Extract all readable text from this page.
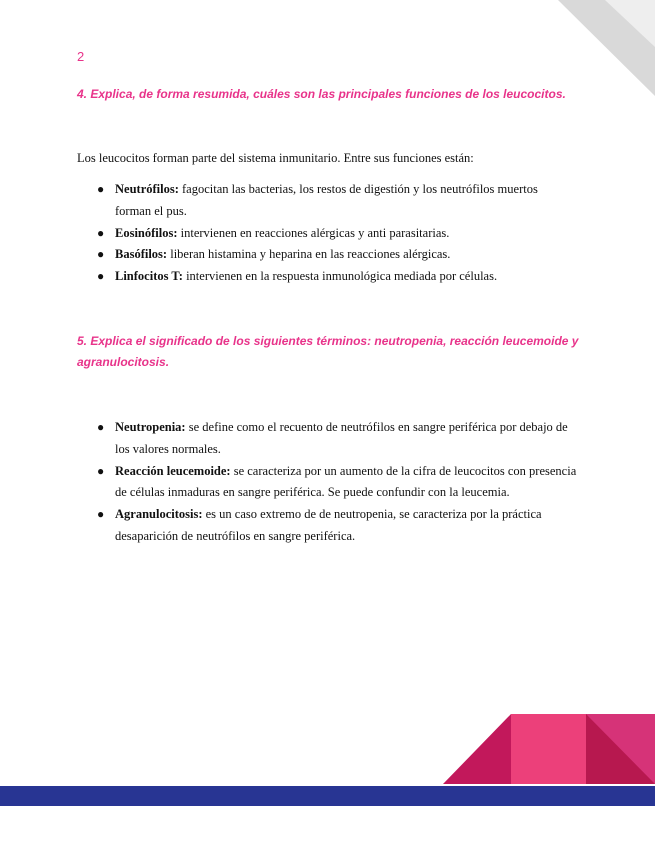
2
4. Explica, de forma resumida, cuáles son las principales funciones de los leucocitos.
Los leucocitos forman parte del sistema inmunitario. Entre sus funciones están:
● Neutrófilos: fagocitan las bacterias, los restos de digestión y los neutrófilos muertos forman el pus.
● Eosinófilos: intervienen en reacciones alérgicas y anti parasitarias.
● Basófilos: liberan histamina y heparina en las reacciones alérgicas.
● Linfocitos T: intervienen en la respuesta inmunológica mediada por células.
5. Explica el significado de los siguientes términos: neutropenia, reacción leucemoide y agranulocitosis.
● Neutropenia: se define como el recuento de neutrófilos en sangre periférica por debajo de los valores normales.
● Reacción leucemoide: se caracteriza por un aumento de la cifra de leucocitos con presencia de células inmaduras en sangre periférica. Se puede confundir con la leucemia.
● Agranulocitosis: es un caso extremo de de neutropenia, se caracteriza por la práctica desaparición de neutrófilos en sangre periférica.
